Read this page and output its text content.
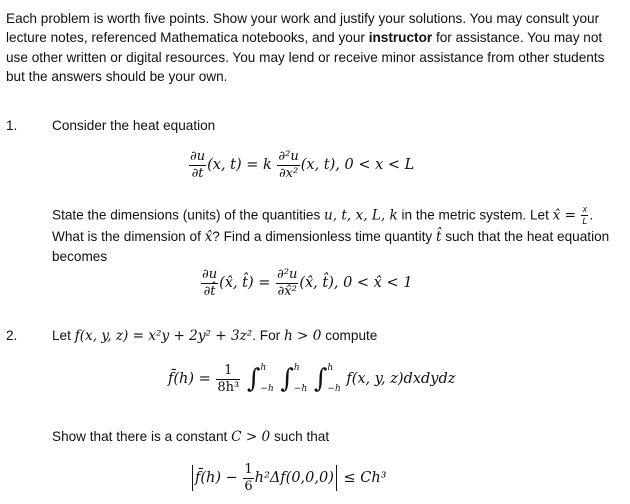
Each problem is worth five points. Show your work and justify your solutions. You may consult your lecture notes, referenced Mathematica notebooks, and your instructor for assistance. You may not use other written or digital resources. You may lend or receive minor assistance from other students but the answers should be your own.

1.	Consider the heat equation
$\frac{\partial u}{\partial t} (x$, t) = k $\frac{\text{∂²u}}{\text{∂x²}} (x$, t), 0 < x < L

State the dimensions (units) of the quantities u, t, x, L, k in the metric system. Let x̂ = $\frac{x}{L}$ . What is the dimension of x̂? Find a dimensionless time quantity t̂ such that the heat equation becomes

$\frac{\partial u}{\partial t̂}$ (x̂, t̂) = $\frac{\text{∂²u}}{\text{∂x̂²}}$ (x̂, t̂), 0 < x̂ < 1
2.	Let f(x, y, z) = x²y + 2y² + 3z². For h > 0 compute

f̄(h) = $\frac{1}{\text{8h³}}$ ∫ h
−h ∫ h
−h ∫ h
−h
f(x, y, z)dxdydz

Show that there is a constant C > 0 such that

f̄(h) − $\frac{1}{6} h^2\Delta f(0,0,0) \le Ch^3$
